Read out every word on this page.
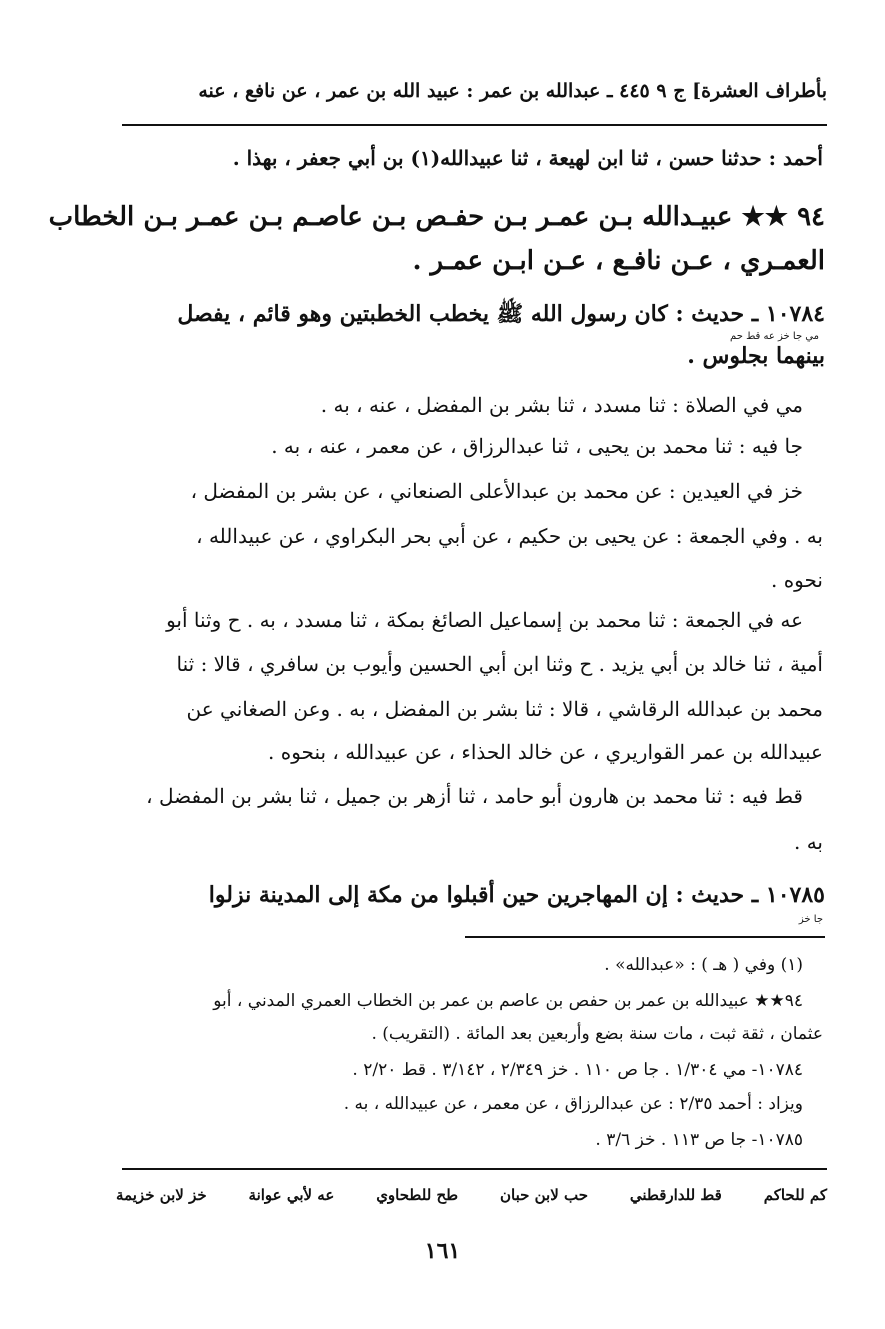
بأطراف العشرة] ج ٩ ٤٤٥ ـ عبدالله بن عمر : عبيد الله بن عمر ، عن نافع ، عنه
أحمد : حدثنا حسن ، ثنا ابن لهيعة ، ثنا عبيدالله(١) بن أبي جعفر ، بهذا .
٩٤ ★★ عبيـدالله بـن عمـر بـن حفـص بـن عاصـم بـن عمـر بـن الخطاب
العمـري ، عـن نافـع ، عـن ابـن عمـر .
١٠٧٨٤ ـ حديث : كان رسول الله ﷺ يخطب الخطبتين وهو قائم ، يفصل
مي جا خز عه قط حم
بينهما بجلوس .
مي في الصلاة : ثنا مسدد ، ثنا بشر بن المفضل ، عنه ، به .
جا فيه : ثنا محمد بن يحيى ، ثنا عبدالرزاق ، عن معمر ، عنه ، به .
خز في العيدين : عن محمد بن عبدالأعلى الصنعاني ، عن بشر بن المفضل ،
به . وفي الجمعة : عن يحيى بن حكيم ، عن أبي بحر البكراوي ، عن عبيدالله ،
نحوه .
عه في الجمعة : ثنا محمد بن إسماعيل الصائغ بمكة ، ثنا مسدد ، به . ح وثنا أبو
أمية ، ثنا خالد بن أبي يزيد . ح وثنا ابن أبي الحسين وأيوب بن سافري ، قالا : ثنا
محمد بن عبدالله الرقاشي ، قالا : ثنا بشر بن المفضل ، به . وعن الصغاني عن
عبيدالله بن عمر القواريري ، عن خالد الحذاء ، عن عبيدالله ، بنحوه .
قط فيه : ثنا محمد بن هارون أبو حامد ، ثنا أزهر بن جميل ، ثنا بشر بن المفضل ،
به .
١٠٧٨٥ ـ حديث : إن المهاجرين حين أقبلوا من مكة إلى المدينة نزلوا
جا خز
(١) وفي ( هـ ) : «عبدالله» .
٩٤★★ عبيدالله بن عمر بن حفص بن عاصم بن عمر بن الخطاب العمري المدني ، أبو
عثمان ، ثقة ثبت ، مات سنة بضع وأربعين بعد المائة . (التقريب) .
١٠٧٨٤- مي ١/٣٠٤ . جا ص ١١٠ . خز ٢/٣٤٩ ، ٣/١٤٢ . قط ٢/٢٠ .
ويزاد : أحمد ٢/٣٥ : عن عبدالرزاق ، عن معمر ، عن عبيدالله ، به .
١٠٧٨٥- جا ص ١١٣ . خز ٣/٦ .
خز لابن خزيمة	عه لأبي عوانة	طح للطحاوي	حب لابن حبان	قط للدارقطني	كم للحاكم
١٦١
